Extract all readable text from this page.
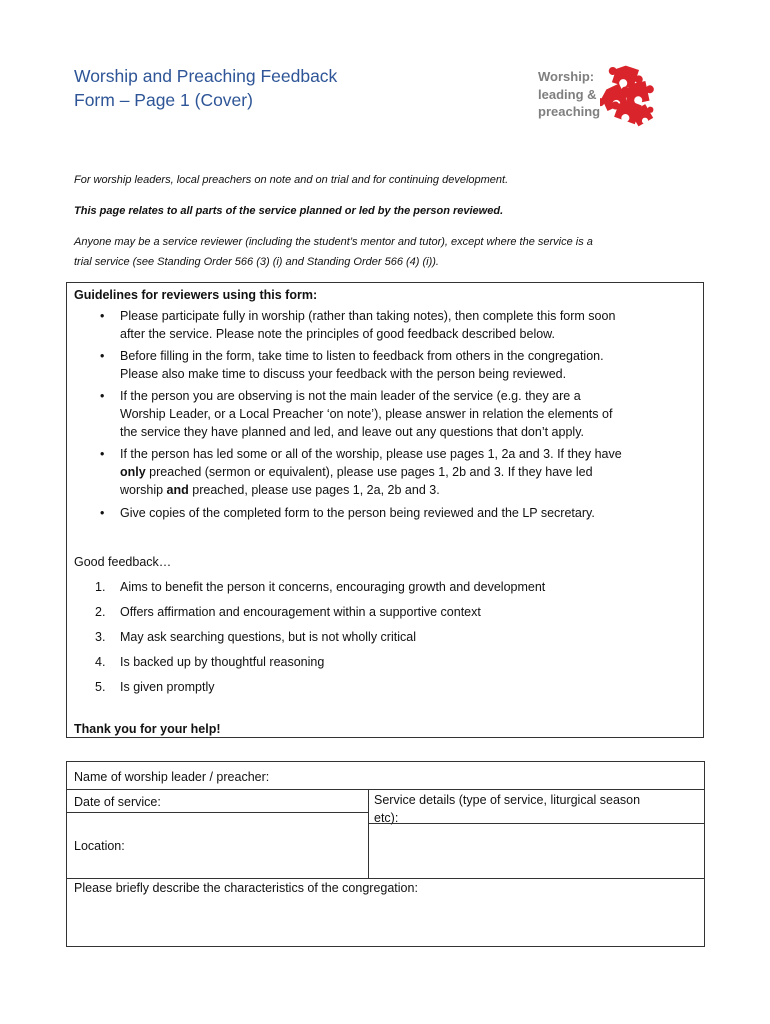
Worship and Preaching Feedback
Form – Page 1 (Cover)
Worship:
leading &
preaching
For worship leaders, local preachers on note and on trial and for continuing development.
This page relates to all parts of the service planned or led by the person reviewed.
Anyone may be a service reviewer (including the student’s mentor and tutor), except where the service is a
trial service (see Standing Order 566 (3) (i) and Standing Order 566 (4) (i)).
Guidelines for reviewers using this form:
• Please participate fully in worship (rather than taking notes), then complete this form soon
after the service. Please note the principles of good feedback described below.
• Before filling in the form, take time to listen to feedback from others in the congregation.
Please also make time to discuss your feedback with the person being reviewed.
• If the person you are observing is not the main leader of the service (e.g. they are a
Worship Leader, or a Local Preacher ‘on note’), please answer in relation the elements of
the service they have planned and led, and leave out any questions that don’t apply.
• If the person has led some or all of the worship, please use pages 1, 2a and 3. If they have
only preached (sermon or equivalent), please use pages 1, 2b and 3. If they have led
worship and preached, please use pages 1, 2a, 2b and 3.
• Give copies of the completed form to the person being reviewed and the LP secretary.
Good feedback…
1. Aims to benefit the person it concerns, encouraging growth and development
2. Offers affirmation and encouragement within a supportive context
3. May ask searching questions, but is not wholly critical
4. Is backed up by thoughtful reasoning
5. Is given promptly
Thank you for your help!
Name of worship leader / preacher:
Date of service:	Service details (type of service, liturgical season
etc):
Location:
Please briefly describe the characteristics of the congregation:
